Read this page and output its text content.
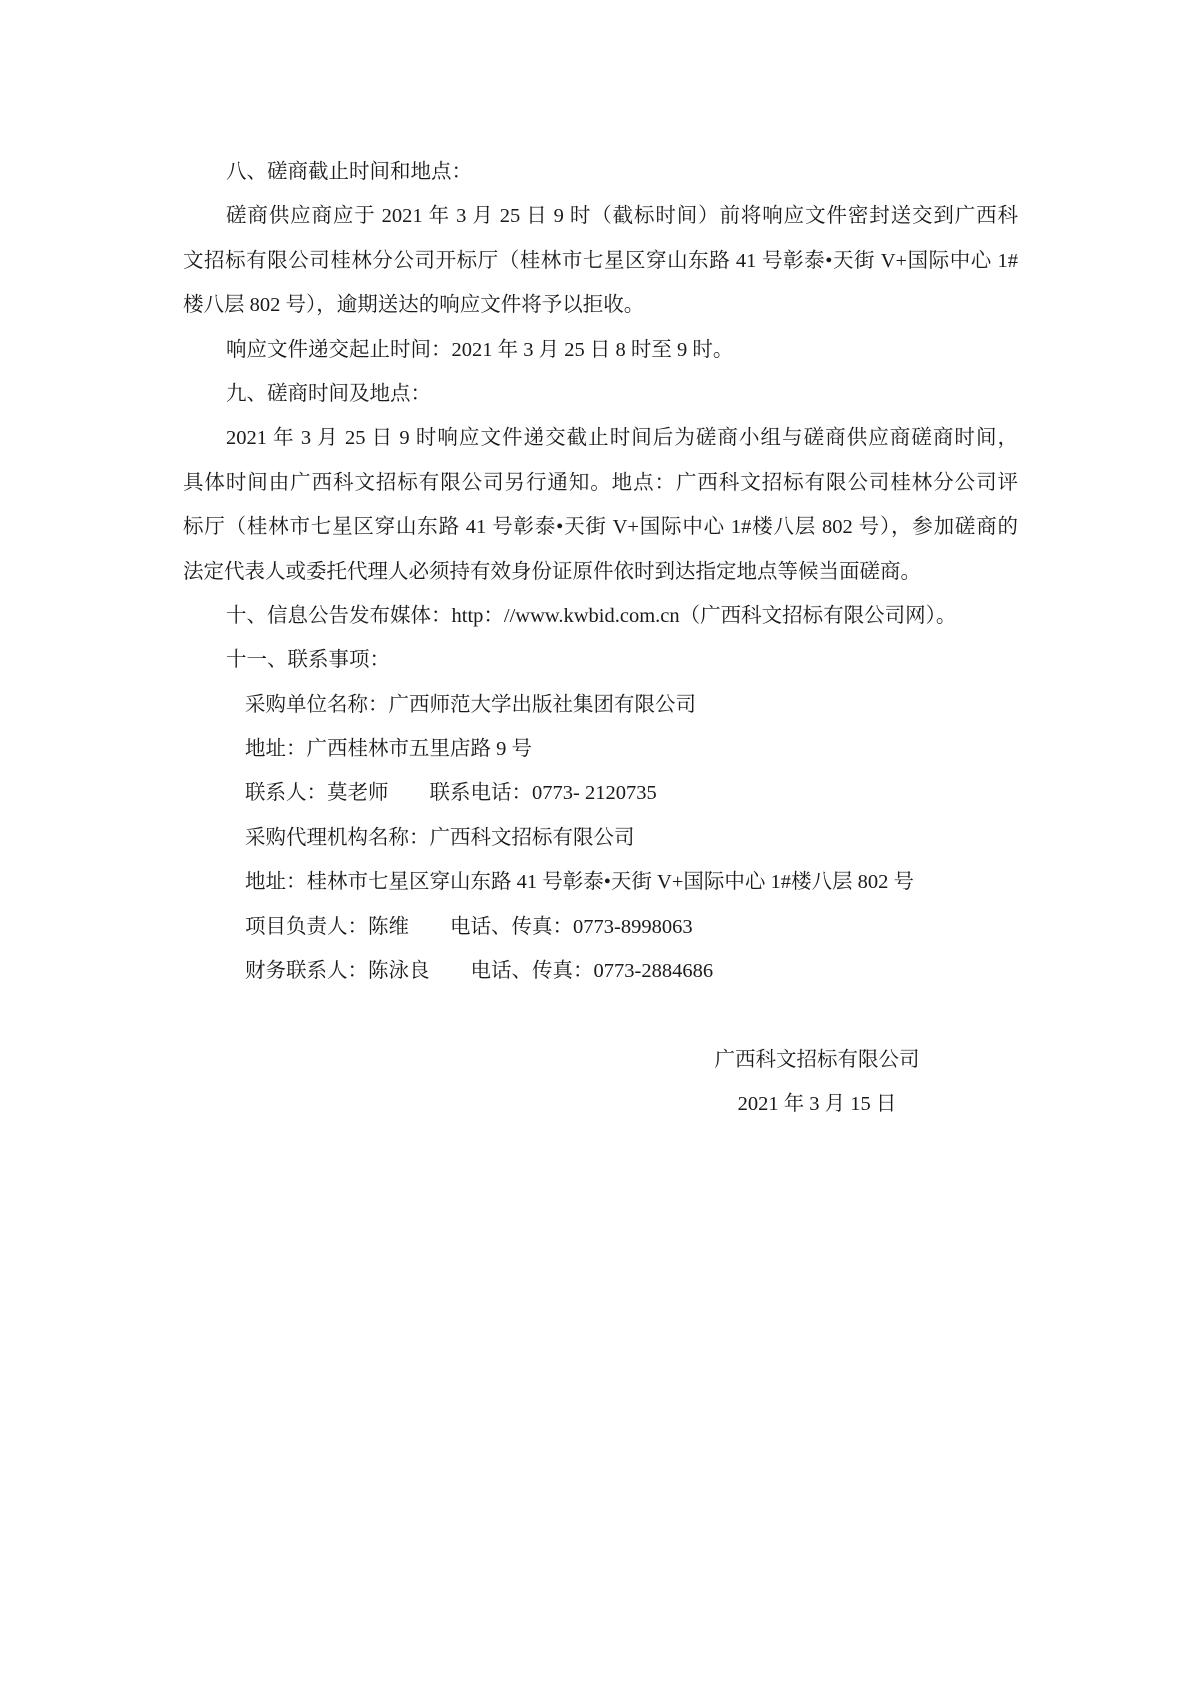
八、磋商截止时间和地点：
磋商供应商应于 2021 年 3 月 25 日 9 时（截标时间）前将响应文件密封送交到广西科
文招标有限公司桂林分公司开标厅（桂林市七星区穿山东路 41 号彰泰•天街 V+国际中心 1#
楼八层 802 号），逾期送达的响应文件将予以拒收。
响应文件递交起止时间：2021 年 3 月 25 日 8 时至 9 时。
九、磋商时间及地点：
2021 年 3 月 25 日 9 时响应文件递交截止时间后为磋商小组与磋商供应商磋商时间，
具体时间由广西科文招标有限公司另行通知。地点：广西科文招标有限公司桂林分公司评
标厅（桂林市七星区穿山东路 41 号彰泰•天街 V+国际中心 1#楼八层 802 号），参加磋商的
法定代表人或委托代理人必须持有效身份证原件依时到达指定地点等候当面磋商。
十、信息公告发布媒体：http：//www.kwbid.com.cn（广西科文招标有限公司网）。
十一、联系事项：
采购单位名称：广西师范大学出版社集团有限公司
地址：广西桂林市五里店路 9 号
联系人：莫老师　　联系电话：0773- 2120735
采购代理机构名称：广西科文招标有限公司
地址：桂林市七星区穿山东路 41 号彰泰•天街 V+国际中心 1#楼八层 802 号
项目负责人：陈维　　电话、传真：0773-8998063
财务联系人：陈泳良　　电话、传真：0773-2884686
广西科文招标有限公司
2021 年 3 月 15 日
